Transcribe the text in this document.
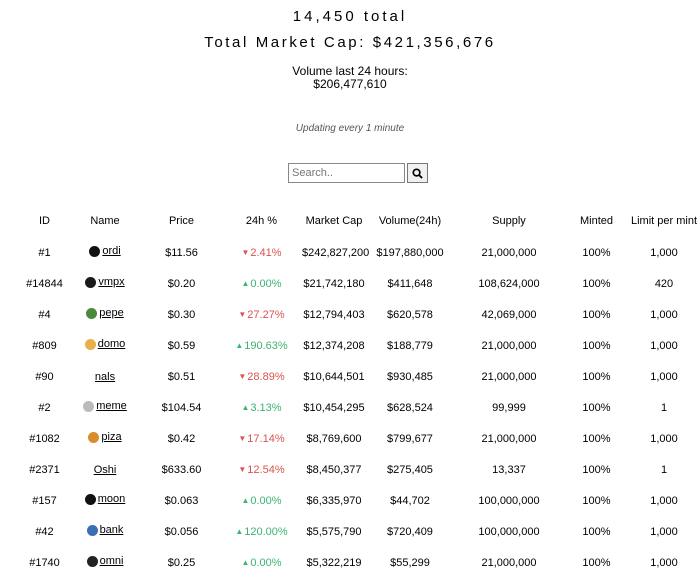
14,450 total
Total Market Cap: $421,356,676
Volume last 24 hours:
$206,477,610
Updating every 1 minute
Search..
ID	Name	Price	24h %	Market Cap	Volume(24h)	Supply	Minted	Limit per mint
#1	ordi	$11.56	▼ 2.41%	$242,827,200	$197,880,000	21,000,000	100%	1,000
#14844	vmpx	$0.20	▲ 0.00%	$21,742,180	$411,648	108,624,000	100%	420
#4	pepe	$0.30	▼ 27.27%	$12,794,403	$620,578	42,069,000	100%	1,000
#809	domo	$0.59	▲ 190.63%	$12,374,208	$188,779	21,000,000	100%	1,000
#90	nals	$0.51	▼ 28.89%	$10,644,501	$930,485	21,000,000	100%	1,000
#2	meme	$104.54	▲ 3.13%	$10,454,295	$628,524	99,999	100%	1
#1082	piza	$0.42	▼ 17.14%	$8,769,600	$799,677	21,000,000	100%	1,000
#2371	Oshi	$633.60	▼ 12.54%	$8,450,377	$275,405	13,337	100%	1
#157	moon	$0.063	▲ 0.00%	$6,335,970	$44,702	100,000,000	100%	1,000
#42	bank	$0.056	▲ 120.00%	$5,575,790	$720,409	100,000,000	100%	1,000
#1740	omni	$0.25	▲ 0.00%	$5,322,219	$55,299	21,000,000	100%	1,000
